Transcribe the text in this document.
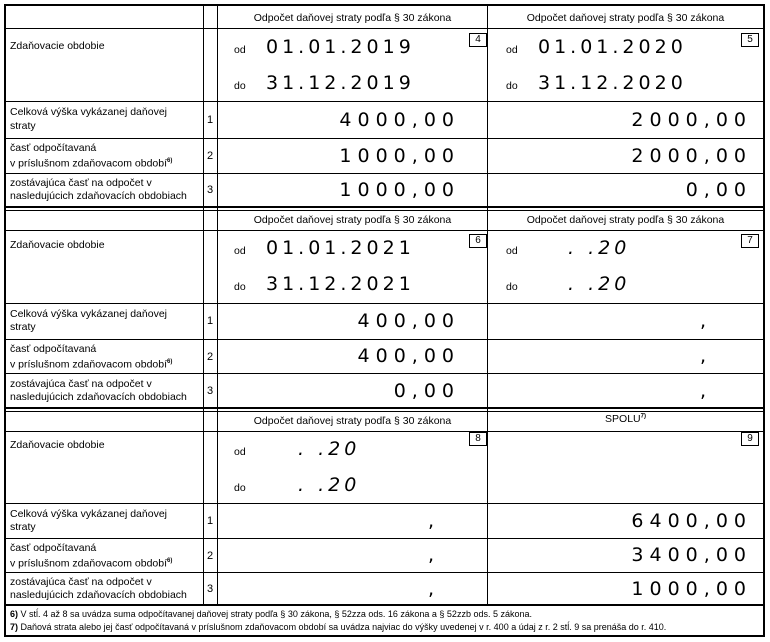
Odpočet daňovej straty podľa § 30 zákona	Odpočet daňovej straty podľa § 30 zákona
Zdaňovacie obdobie
4	5
od 01.01.2019
do 31.12.2019
od 01.01.2020
do 31.12.2020
Celková výška vykázanej daňovej
straty	1	4000,00	2000,00
časť odpočítavaná
v príslušnom zdaňovacom období$^{6)}$	2	1000,00	2000,00
zostávajúca časť na odpočet v
nasledujúcich zdaňovacích obdobiach 3	1000,00	0,00
Odpočet daňovej straty podľa § 30 zákona	Odpočet daňovej straty podľa § 30 zákona
Zdaňovacie obdobie	6	7
od 01.01.2021
do 31.12.2021
od	. .20
do	. .20
Celková výška vykázanej daňovej
straty	1	400,00	,
časť odpočítavaná
v príslušnom zdaňovacom období$^{6)}$	2	400,00	,
zostávajúca časť na odpočet v
nasledujúcich zdaňovacích obdobiach 3	0,00	,
Odpočet daňovej straty podľa § 30 zákona	SPOLU$^{7)}$
Zdaňovacie obdobie
8	9
od	. .20
do	. .20
Celková výška vykázanej daňovej
straty	1	,	6400,00
časť odpočítavaná
v príslušnom zdaňovacom období$^{6)}$	2	,	3400,00
zostávajúca časť na odpočet v
nasledujúcich zdaňovacích obdobiach 3	,	1000,00
6) V stĺ. 4 až 8 sa uvádza suma odpočítavanej daňovej straty podľa § 30 zákona, § 52zza ods. 16 zákona a § 52zzb ods. 5 zákona.
7) Daňová strata alebo jej časť odpočítavaná v príslušnom zdaňovacom období sa uvádza najviac do výšky uvedenej v r. 400 a údaj z r. 2 stĺ. 9 sa prenáša do r. 410.
